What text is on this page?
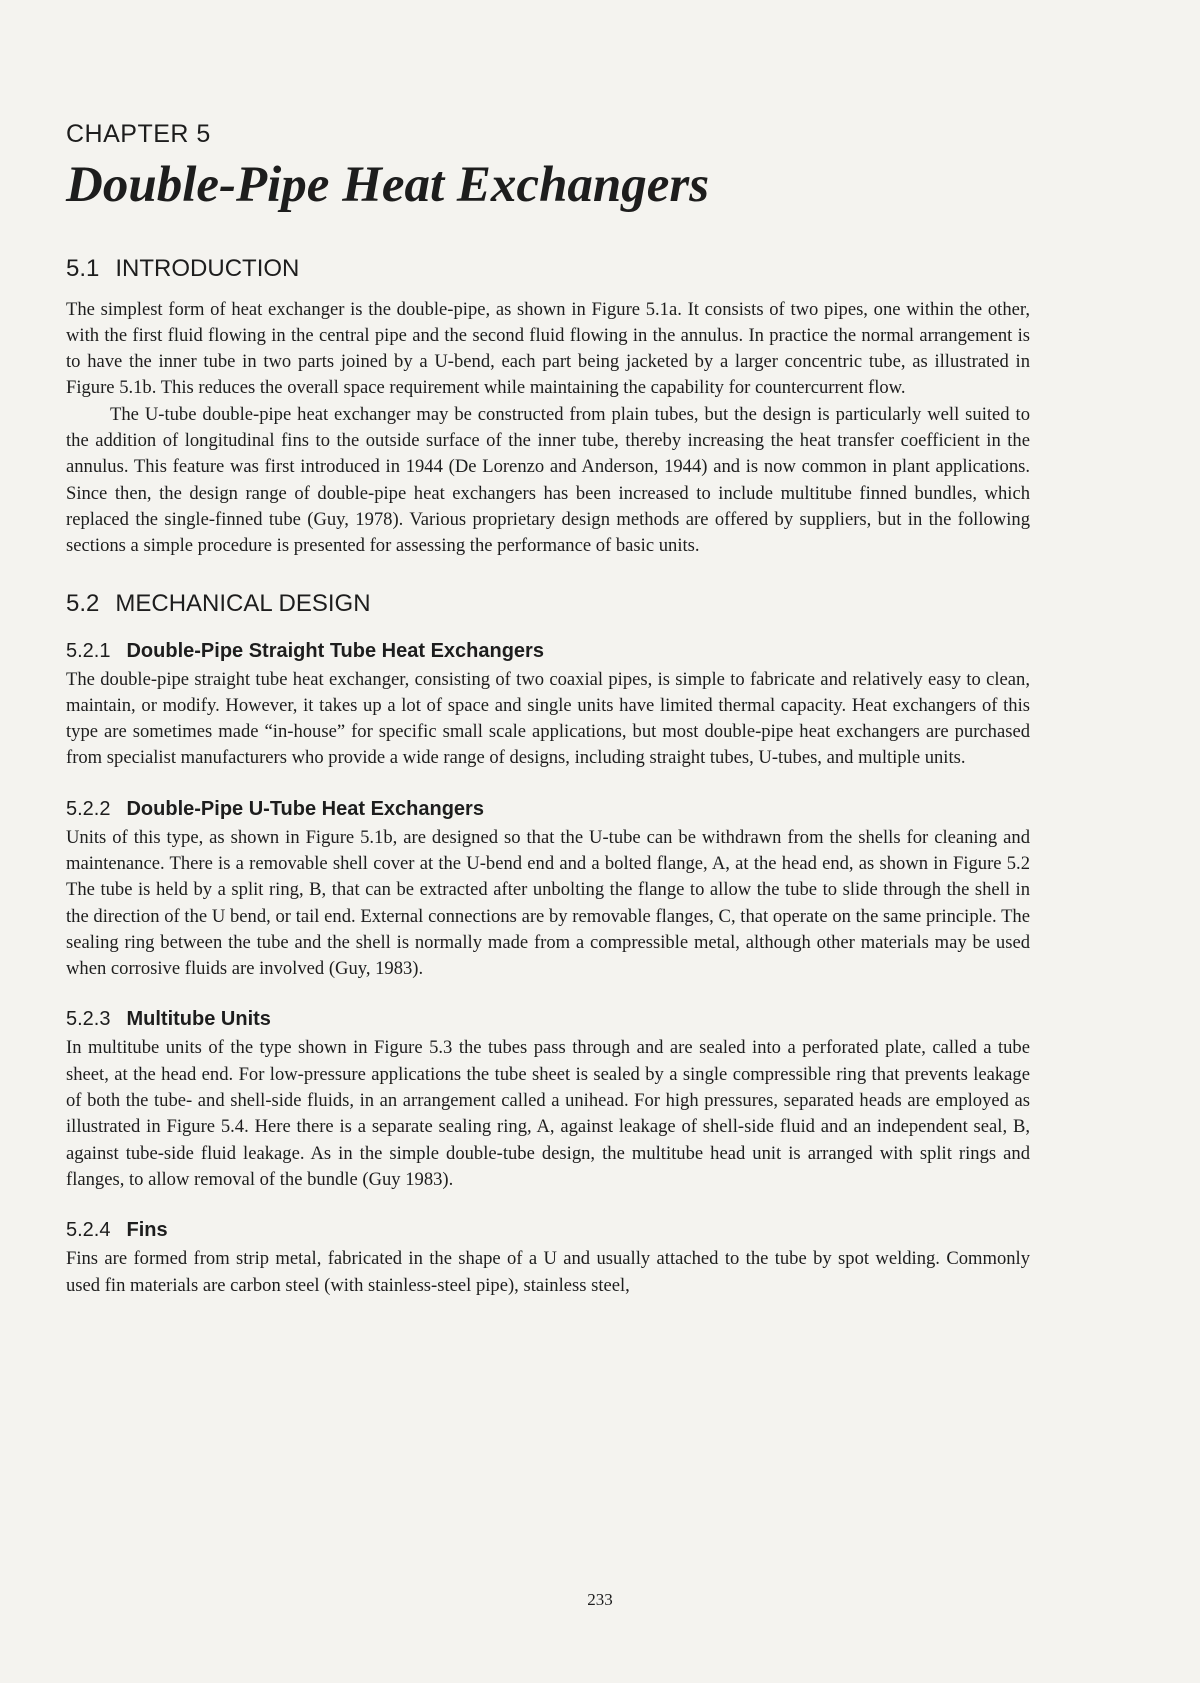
CHAPTER 5
Double-Pipe Heat Exchangers
5.1 INTRODUCTION

The simplest form of heat exchanger is the double-pipe, as shown in Figure 5.1a. It consists of two pipes, one within the other, with the first fluid flowing in the central pipe and the second fluid flowing in the annulus. In practice the normal arrangement is to have the inner tube in two parts joined by a U-bend, each part being jacketed by a larger concentric tube, as illustrated in Figure 5.1b. This reduces the overall space requirement while maintaining the capability for countercurrent flow.

The U-tube double-pipe heat exchanger may be constructed from plain tubes, but the design is particularly well suited to the addition of longitudinal fins to the outside surface of the inner tube, thereby increasing the heat transfer coefficient in the annulus. This feature was first introduced in 1944 (De Lorenzo and Anderson, 1944) and is now common in plant applications. Since then, the design range of double-pipe heat exchangers has been increased to include multitube finned bundles, which replaced the single-finned tube (Guy, 1978). Various proprietary design methods are offered by suppliers, but in the following sections a simple procedure is presented for assessing the performance of basic units.

5.2 MECHANICAL DESIGN
5.2.1 Double-Pipe Straight Tube Heat Exchangers

The double-pipe straight tube heat exchanger, consisting of two coaxial pipes, is simple to fabricate and relatively easy to clean, maintain, or modify. However, it takes up a lot of space and single units have limited thermal capacity. Heat exchangers of this type are sometimes made “in-house” for specific small scale applications, but most double-pipe heat exchangers are purchased from specialist manufacturers who provide a wide range of designs, including straight tubes, U-tubes, and multiple units.

5.2.2 Double-Pipe U-Tube Heat Exchangers

Units of this type, as shown in Figure 5.1b, are designed so that the U-tube can be withdrawn from the shells for cleaning and maintenance. There is a removable shell cover at the U-bend end and a bolted flange, A, at the head end, as shown in Figure 5.2 The tube is held by a split ring, B, that can be extracted after unbolting the flange to allow the tube to slide through the shell in the direction of the U bend, or tail end. External connections are by removable flanges, C, that operate on the same principle. The sealing ring between the tube and the shell is normally made from a compressible metal, although other materials may be used when corrosive fluids are involved (Guy, 1983).

5.2.3 Multitube Units

In multitube units of the type shown in Figure 5.3 the tubes pass through and are sealed into a perforated plate, called a tube sheet, at the head end. For low-pressure applications the tube sheet is sealed by a single compressible ring that prevents leakage of both the tube- and shell-side fluids, in an arrangement called a unihead. For high pressures, separated heads are employed as illustrated in Figure 5.4. Here there is a separate sealing ring, A, against leakage of shell-side fluid and an independent seal, B, against tube-side fluid leakage. As in the simple double-tube design, the multitube head unit is arranged with split rings and flanges, to allow removal of the bundle (Guy 1983).

5.2.4 Fins

Fins are formed from strip metal, fabricated in the shape of a U and usually attached to the tube by spot welding. Commonly used fin materials are carbon steel (with stainless-steel pipe), stainless steel,

233
